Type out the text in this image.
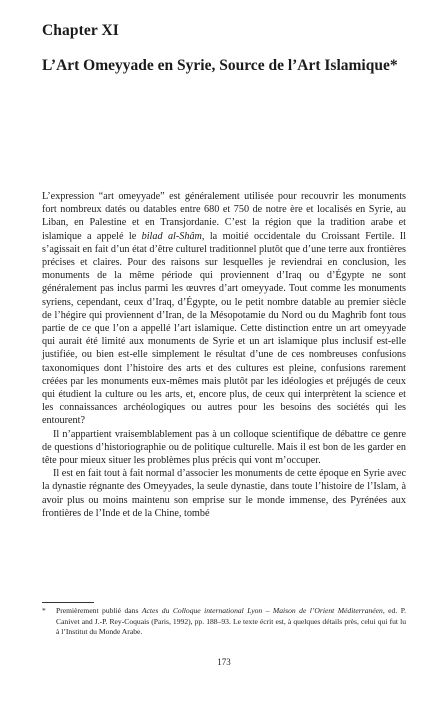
Chapter XI
L’Art Omeyyade en Syrie, Source de l’Art Islamique*

L’expression “art omeyyade” est généralement utilisée pour recouvrir les monuments fort nombreux datés ou datables entre 680 et 750 de notre ère et localisés en Syrie, au Liban, en Palestine et en Transjordanie. C’est la région que la tradition arabe et islamique a appelé le bilad al-Shâm, la moitié occidentale du Croissant Fertile. Il s’agissait en fait d’un état d’être culturel traditionnel plutôt que d’une terre aux frontières précises et claires. Pour des raisons sur lesquelles je reviendrai en conclusion, les monuments de la même période qui proviennent d’Iraq ou d’Égypte ne sont généralement pas inclus parmi les œuvres d’art omeyyade. Tout comme les monuments syriens, cependant, ceux d’Iraq, d’Égypte, ou le petit nombre datable au premier siècle de l’hégire qui proviennent d’Iran, de la Mésopotamie du Nord ou du Maghrib font tous partie de ce que l’on a appellé l’art islamique. Cette distinction entre un art omeyyade qui aurait été limité aux monuments de Syrie et un art islamique plus inclusif est-elle justifiée, ou bien est-elle simplement le résultat d’une de ces nombreuses confusions taxonomiques dont l’histoire des arts et des cultures est pleine, confusions rarement créées par les monuments eux-mêmes mais plutôt par les idéologies et préjugés de ceux qui étudient la culture ou les arts, et, encore plus, de ceux qui interprètent la science et les connaissances archéologiques ou autres pour les besoins des sociétés qui les entourent?

Il n’appartient vraisemblablement pas à un colloque scientifique de débattre ce genre de questions d’historiographie ou de politique culturelle. Mais il est bon de les garder en tête pour mieux situer les problèmes plus précis qui vont m’occuper.

Il est en fait tout à fait normal d’associer les monuments de cette époque en Syrie avec la dynastie régnante des Omeyyades, la seule dynastie, dans toute l’histoire de l’Islam, à avoir plus ou moins maintenu son emprise sur le monde immense, des Pyrénées aux frontières de l’Inde et de la Chine, tombé

* Premièrement publié dans Actes du Colloque international Lyon – Maison de l’Orient Méditerranéen, ed. P. Canivet and J.-P. Rey-Coquais (Paris, 1992), pp. 188–93. Le texte écrit est, à quelques détails près, celui qui fut lu à l’Institut du Monde Arabe.
173
